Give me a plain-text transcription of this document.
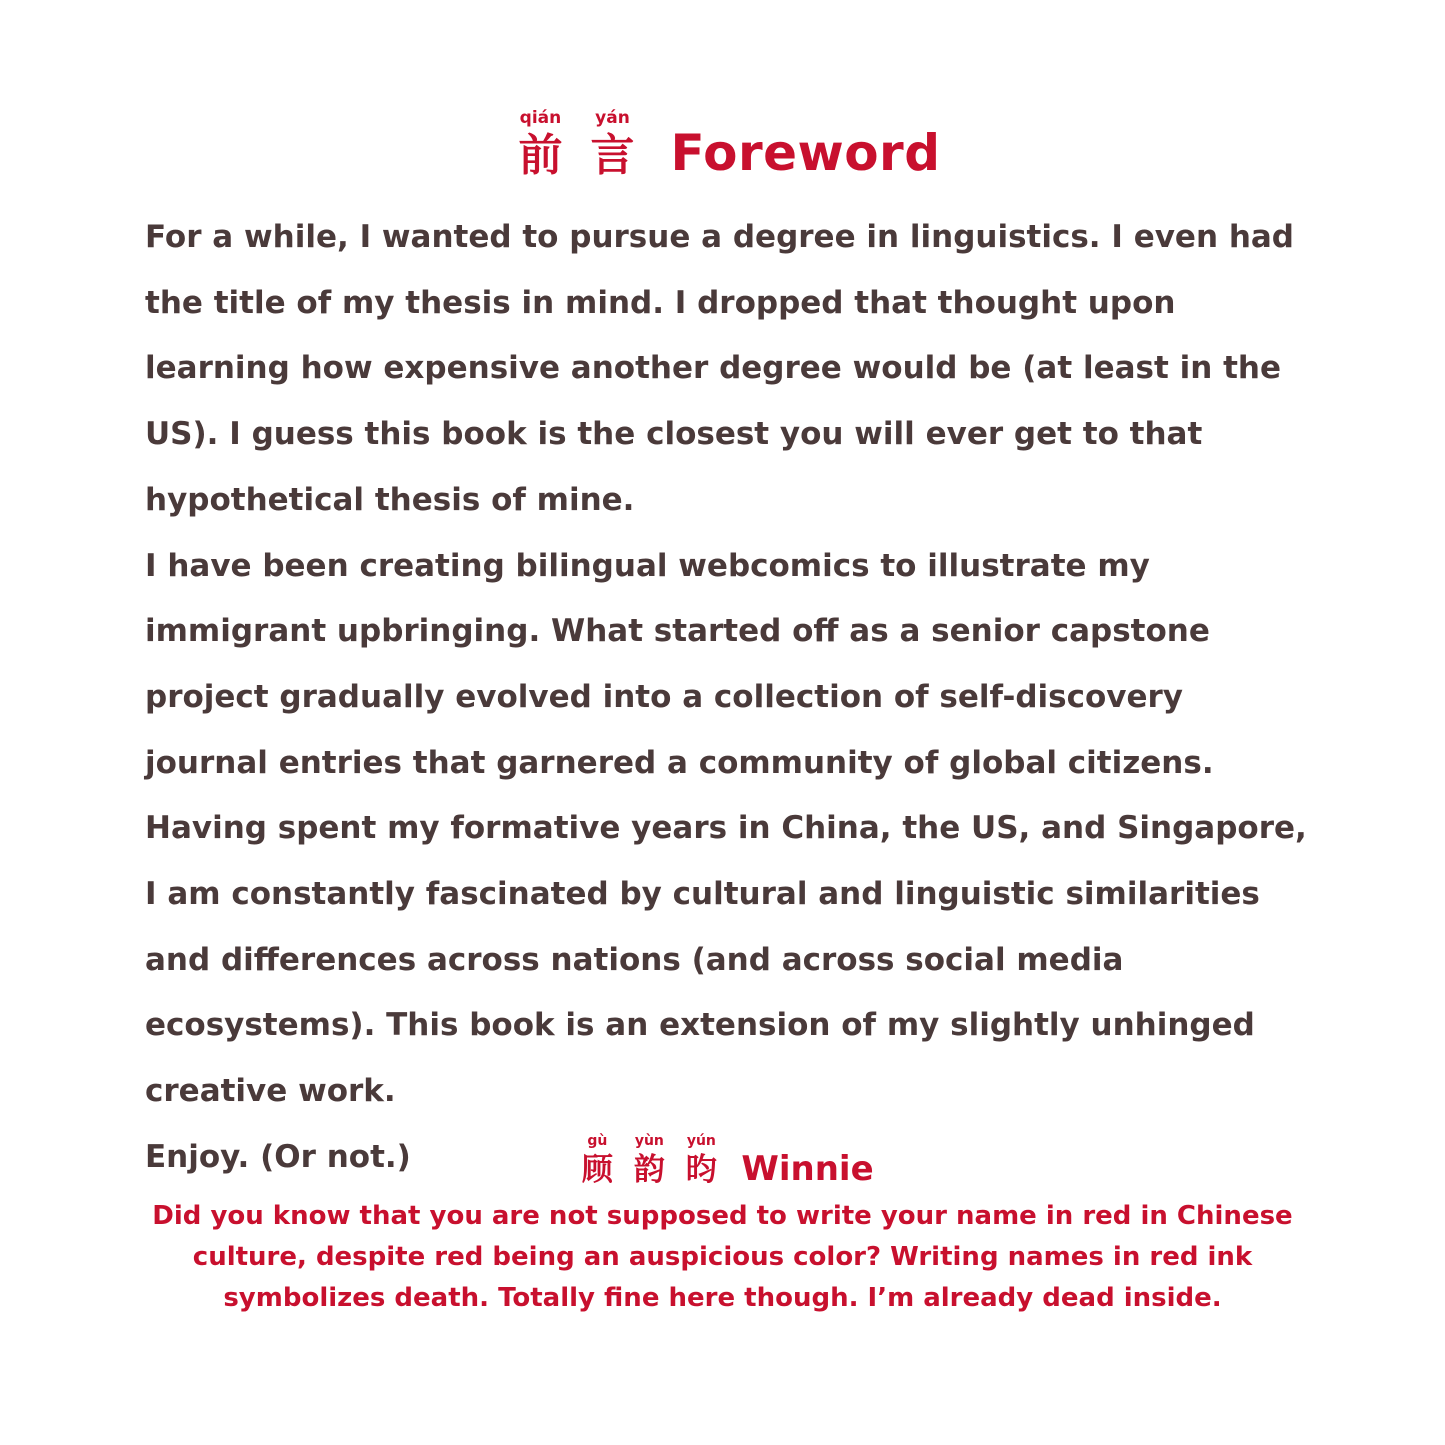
qián
前
yán
言 Foreword

For a while, I wanted to pursue a degree in linguistics. I even had the title of my thesis in mind. I dropped that thought upon learning how expensive another degree would be (at least in the US). I guess this book is the closest you will ever get to that hypothetical thesis of mine.

I have been creating bilingual webcomics to illustrate my immigrant upbringing. What started off as a senior capstone project gradually evolved into a collection of self-discovery journal entries that garnered a community of global citizens. Having spent my formative years in China, the US, and Singapore, I am constantly fascinated by cultural and linguistic similarities and differences across nations (and across social media ecosystems). This book is an extension of my slightly unhinged creative work.

Enjoy. (Or not.)	gù
顾
yùn
韵
yún
昀 Winnie
Did you know that you are not supposed to write your name in red in Chinese culture, despite red being an auspicious color? Writing names in red ink symbolizes death. Totally fine here though. I’m already dead inside.
